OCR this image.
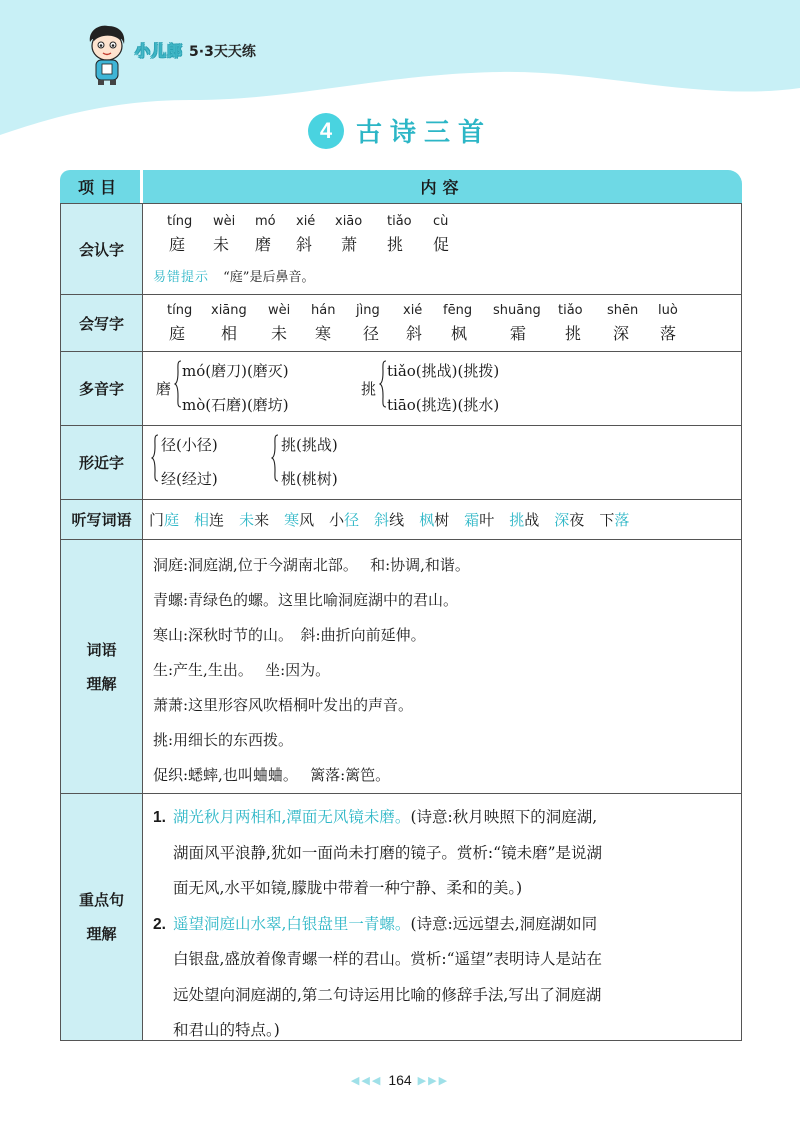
小儿郎 5·3天天练
4 古诗三首
项目	内容
会认字
tíng wèi mó xié xiāo tiǎo cù
庭 未 磨 斜 萧 挑 促
易错提示 “庭”是后鼻音。
会写字
tíng xiāng wèi hán jìng xié fēng shuāng tiǎo shēn luò
庭 相 未 寒 径 斜 枫	霜 挑 深 落
多音字	磨
mó(磨刀)(磨灭)
mò(石磨)(磨坊)
挑
tiǎo(挑战)(挑拨)
tiāo(挑选)(挑水)
形近字
径(小径)
经(经过)
挑(挑战)
桃(桃树)
听写词语	门庭 相连 未来 寒风 小径 斜线 枫树 霜叶 挑战 深夜 下落
词语
理解
洞庭:洞庭湖,位于今湖南北部。　 和:协调,和谐。
青螺:青绿色的螺。这里比喻洞庭湖中的君山。
寒山:深秋时节的山。　斜:曲折向前延伸。
生:产生,生出。　 坐:因为。
萧萧:这里形容风吹梧桐叶发出的声音。
挑:用细长的东西拨。
促织:蟋蟀,也叫蛐蛐。　 篱落:篱笆。
重点句
理解
1. 湖光秋月两相和,潭面无风镜未磨。(诗意:秋月映照下的洞庭湖,
湖面风平浪静,犹如一面尚未打磨的镜子。赏析:“镜未磨”是说湖
面无风,水平如镜,朦胧中带着一种宁静、柔和的美。)
2. 遥望洞庭山水翠,白银盘里一青螺。(诗意:远远望去,洞庭湖如同
白银盘,盛放着像青螺一样的君山。赏析:“遥望”表明诗人是站在
远处望向洞庭湖的,第二句诗运用比喻的修辞手法,写出了洞庭湖
和君山的特点。)
◀◀◀ 164 ▶▶▶
